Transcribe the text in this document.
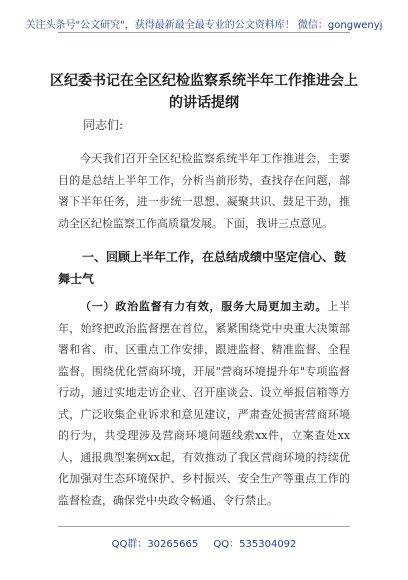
关注头条号"公文研究"，获得最新最全最专业的公文资料库！ 微信：gongwenyj
区纪委书记在全区纪检监察系统半年工作推进会上的讲话提纲
同志们:
今天我们召开全区纪检监察系统半年工作推进会，主要目的是总结上半年工作，分析当前形势，查找存在问题，部署下半年任务，进一步统一思想、凝聚共识、鼓足干劲，推动全区纪检监察工作高质量发展。下面，我讲三点意见。
一、回顾上半年工作，在总结成绩中坚定信心、鼓舞士气
（一）政治监督有力有效，服务大局更加主动。上半年，始终把政治监督摆在首位，紧紧围绕党中央重大决策部署和省、市、区重点工作安排，跟进监督、精准监督、全程监督。围绕优化营商环境，开展"营商环境提升年"专项监督行动，通过实地走访企业、召开座谈会、设立举报信箱等方式，广泛收集企业诉求和意见建议，严肃查处损害营商环境的行为，共受理涉及营商环境问题线索xx件，立案查处xx人，通报典型案例xx起，有效推动了我区营商环境的持续优化加强对生态环境保护、乡村振兴、安全生产等重点工作的监督检查，确保党中央政令畅通、令行禁止。
QQ群：30265665 QQ：535304092
